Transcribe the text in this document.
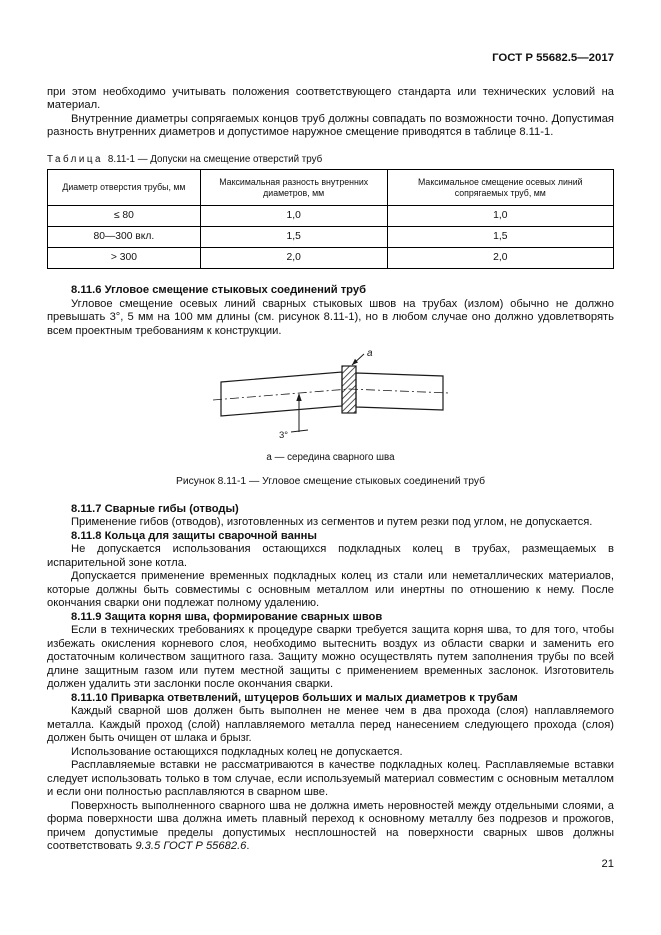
ГОСТ Р 55682.5—2017

при этом необходимо учитывать положения соответствующего стандарта или технических условий на материал.

Внутренние диаметры сопрягаемых концов труб должны совпадать по возможности точно. Допустимая разность внутренних диаметров и допустимое наружное смещение приводятся в таблице 8.11-1.

Таблица 8.11-1 — Допуски на смещение отверстий труб
Диаметр отверстия трубы, мм	Максимальная разность внутренних диаметров, мм	Максимальное смещение осевых линий сопрягаемых труб, мм
≤ 80	1,0	1,0
80—300 вкл.	1,5	1,5
> 300	2,0	2,0
8.11.6 Угловое смещение стыковых соединений труб

Угловое смещение осевых линий сварных стыковых швов на трубах (излом) обычно не должно превышать 3°, 5 мм на 100 мм длины (см. рисунок 8.11-1), но в любом случае оно должно удовлетворять всем проектным требованиям к конструкции.

а
3°
а — середина сварного шва
Рисунок 8.11-1 — Угловое смещение стыковых соединений труб
8.11.7 Сварные гибы (отводы)

Применение гибов (отводов), изготовленных из сегментов и путем резки под углом, не допускается.

8.11.8 Кольца для защиты сварочной ванны

Не допускается использования остающихся подкладных колец в трубах, размещаемых в испарительной зоне котла.

Допускается применение временных подкладных колец из стали или неметаллических материалов, которые должны быть совместимы с основным металлом или инертны по отношению к нему. После окончания сварки они подлежат полному удалению.

8.11.9 Защита корня шва, формирование сварных швов

Если в технических требованиях к процедуре сварки требуется защита корня шва, то для того, чтобы избежать окисления корневого слоя, необходимо вытеснить воздух из области сварки и заменить его достаточным количеством защитного газа. Защиту можно осуществлять путем заполнения трубы по всей длине защитным газом или путем местной защиты с применением временных заслонок. Изготовитель должен удалить эти заслонки после окончания сварки.

8.11.10 Приварка ответвлений, штуцеров больших и малых диаметров к трубам

Каждый сварной шов должен быть выполнен не менее чем в два прохода (слоя) наплавляемого металла. Каждый проход (слой) наплавляемого металла перед нанесением следующего прохода (слоя) должен быть очищен от шлака и брызг.

Использование остающихся подкладных колец не допускается.

Расплавляемые вставки не рассматриваются в качестве подкладных колец. Расплавляемые вставки следует использовать только в том случае, если используемый материал совместим с основным металлом и если они полностью расплавляются в сварном шве.

Поверхность выполненного сварного шва не должна иметь неровностей между отдельными слоями, а форма поверхности шва должна иметь плавный переход к основному металлу без подрезов и прожогов, причем допустимые пределы допустимых несплошностей на поверхности сварных швов должны соответствовать 9.3.5 ГОСТ Р 55682.6.

21
